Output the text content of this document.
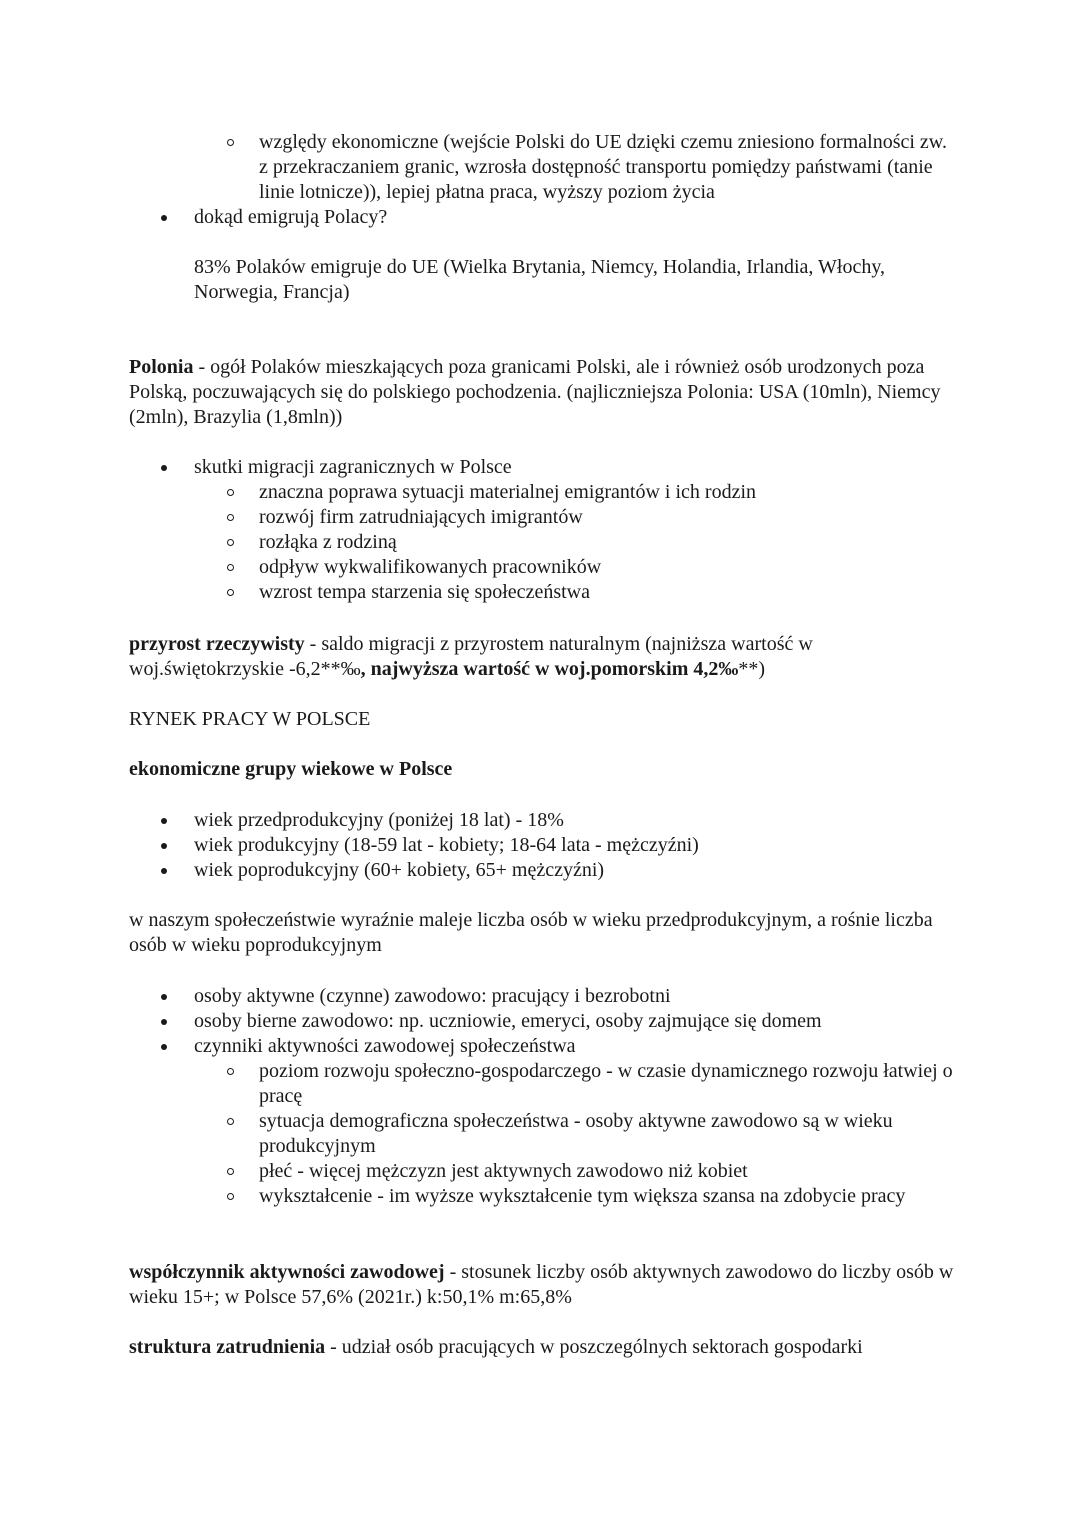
względy ekonomiczne (wejście Polski do UE dzięki czemu zniesiono formalności zw. z przekraczaniem granic, wzrosła dostępność transportu pomiędzy państwami (tanie linie lotnicze)), lepiej płatna praca, wyższy poziom życia
dokąd emigrują Polacy?

83% Polaków emigruje do UE (Wielka Brytania, Niemcy, Holandia, Irlandia, Włochy, Norwegia, Francja)

Polonia - ogół Polaków mieszkających poza granicami Polski, ale i również osób urodzonych poza Polską, poczuwających się do polskiego pochodzenia. (najliczniejsza Polonia: USA (10mln), Niemcy (2mln), Brazylia (1,8mln))

skutki migracji zagranicznych w Polsce
znaczna poprawa sytuacji materialnej emigrantów i ich rodzin
rozwój firm zatrudniających imigrantów
rozłąka z rodziną
odpływ wykwalifikowanych pracowników
wzrost tempa starzenia się społeczeństwa

przyrost rzeczywisty - saldo migracji z przyrostem naturalnym (najniższa wartość w woj.świętokrzyskie -6,2**‰, najwyższa wartość w woj.pomorskim 4,2‰**)

RYNEK PRACY W POLSCE

ekonomiczne grupy wiekowe w Polsce

wiek przedprodukcyjny (poniżej 18 lat) - 18%
wiek produkcyjny (18-59 lat - kobiety; 18-64 lata - mężczyźni)
wiek poprodukcyjny (60+ kobiety, 65+ mężczyźni)

w naszym społeczeństwie wyraźnie maleje liczba osób w wieku przedprodukcyjnym, a rośnie liczba osób w wieku poprodukcyjnym

osoby aktywne (czynne) zawodowo: pracujący i bezrobotni
osoby bierne zawodowo: np. uczniowie, emeryci, osoby zajmujące się domem
czynniki aktywności zawodowej społeczeństwa
poziom rozwoju społeczno-gospodarczego - w czasie dynamicznego rozwoju łatwiej o pracę
sytuacja demograficzna społeczeństwa - osoby aktywne zawodowo są w wieku produkcyjnym
płeć - więcej mężczyzn jest aktywnych zawodowo niż kobiet
wykształcenie - im wyższe wykształcenie tym większa szansa na zdobycie pracy

współczynnik aktywności zawodowej - stosunek liczby osób aktywnych zawodowo do liczby osób w wieku 15+; w Polsce 57,6% (2021r.) k:50,1% m:65,8%

struktura zatrudnienia - udział osób pracujących w poszczególnych sektorach gospodarki
